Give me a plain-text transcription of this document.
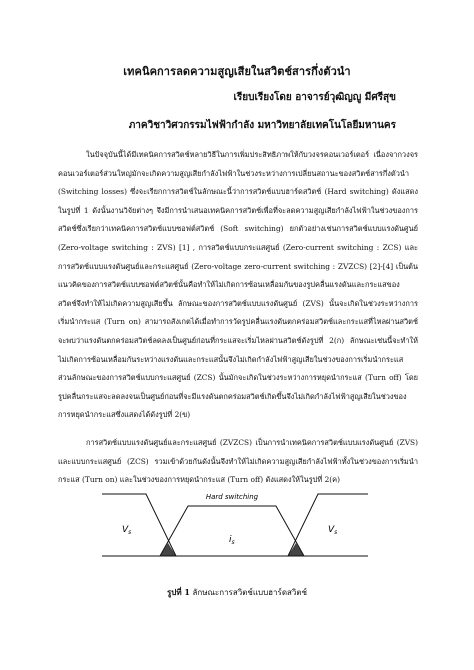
เทคนิคการลดความสูญเสียในสวิตช์สารกึ่งตัวนำ
เรียบเรียงโดย อาจารย์วุฒิญญู มีศรีสุข
ภาควิชาวิศวกรรมไฟฟ้ากำลัง มหาวิทยาลัยเทคโนโลยีมหานคร
ในปัจจุบันนี้ได้มีเทคนิคการสวิตช์หลายวิธีในการเพิ่มประสิทธิภาพให้กับวงจรคอนเวอร์เตอร์ เนื่องจากวงจรคอนเวอร์เตอร์ส่วนใหญ่มักจะเกิดความสูญเสียกำลังไฟฟ้าในช่วงระหว่างการเปลี่ยนสถานะของสวิตช์สารกึ่งตัวนำ (Switching losses) ซึ่งจะเรียกการสวิตช์ในลักษณะนี้ว่าการสวิตช์แบบฮาร์ดสวิตช์ (Hard switching) ดังแสดงในรูปที่ 1 ดังนั้นงานวิจัยต่างๆ จึงมีการนำเสนอเทคนิคการสวิตช์เพื่อที่จะลดความสูญเสียกำลังไฟฟ้าในช่วงของการสวิตช์ซึ่งเรียกว่าเทคนิคการสวิตช์แบบซอฟต์สวิตช์ (Soft switching) ยกตัวอย่างเช่นการสวิตช์แบบแรงดันศูนย์ (Zero-voltage switching : ZVS) [1] , การสวิตช์แบบกระแสศูนย์ (Zero-current switching : ZCS) และการสวิตช์แบบแรงดันศูนย์และกระแสศูนย์ (Zero-voltage zero-current switching : ZVZCS) [2]-[4] เป็นต้น แนวคิดของการสวิตช์แบบซอฟต์สวิตช์นั้นคือทำให้ไม่เกิดการซ้อนเหลื่อมกันของรูปคลื่นแรงดันและกระแสของสวิตช์จึงทำให้ไม่เกิดความสูญเสียขึ้น ลักษณะของการสวิตช์แบบแรงดันศูนย์ (ZVS) นั้นจะเกิดในช่วงระหว่างการเริ่มนำกระแส (Turn on) สามารถสังเกตได้เมื่อทำการวัดรูปคลื่นแรงดันตกคร่อมสวิตช์และกระแสที่ไหลผ่านสวิตช์จะพบว่าแรงดันตกคร่อมสวิตช์ลดลงเป็นศูนย์ก่อนที่กระแสจะเริ่มไหลผ่านสวิตช์ดังรูปที่ 2(ก) ลักษณะเช่นนี้จะทำให้ไม่เกิดการซ้อนเหลื่อมกันระหว่างแรงดันและกระแสนั้นจึงไม่เกิดกำลังไฟฟ้าสูญเสียในช่วงของการเริ่มนำกระแส ส่วนลักษณะของการสวิตช์แบบกระแสศูนย์ (ZCS) นั้นมักจะเกิดในช่วงระหว่างการหยุดนำกระแส (Turn off) โดยรูปคลื่นกระแสจะลดลงจนเป็นศูนย์ก่อนที่จะมีแรงดันตกคร่อมสวิตช์เกิดขึ้นจึงไม่เกิดกำลังไฟฟ้าสูญเสียในช่วงของการหยุดนำกระแสซึ่งแสดงได้ดังรูปที่ 2(ข)
การสวิตช์แบบแรงดันศูนย์และกระแสศูนย์ (ZVZCS) เป็นการนำเทคนิคการสวิตช์แบบแรงดันศูนย์ (ZVS) และแบบกระแสศูนย์ (ZCS) รวมเข้าด้วยกันดังนั้นจึงทำให้ไม่เกิดความสูญเสียกำลังไฟฟ้าทั้งในช่วงของการเริ่มนำกระแส (Turn on) และในช่วงของการหยุดนำกระแส (Turn off) ดังแสดงให้ในรูปที่ 2(ค)
Hard switching
$V_s$
$i_s$
$V_s$
รูปที่ 1 ลักษณะการสวิตช์แบบฮาร์ดสวิตช์
